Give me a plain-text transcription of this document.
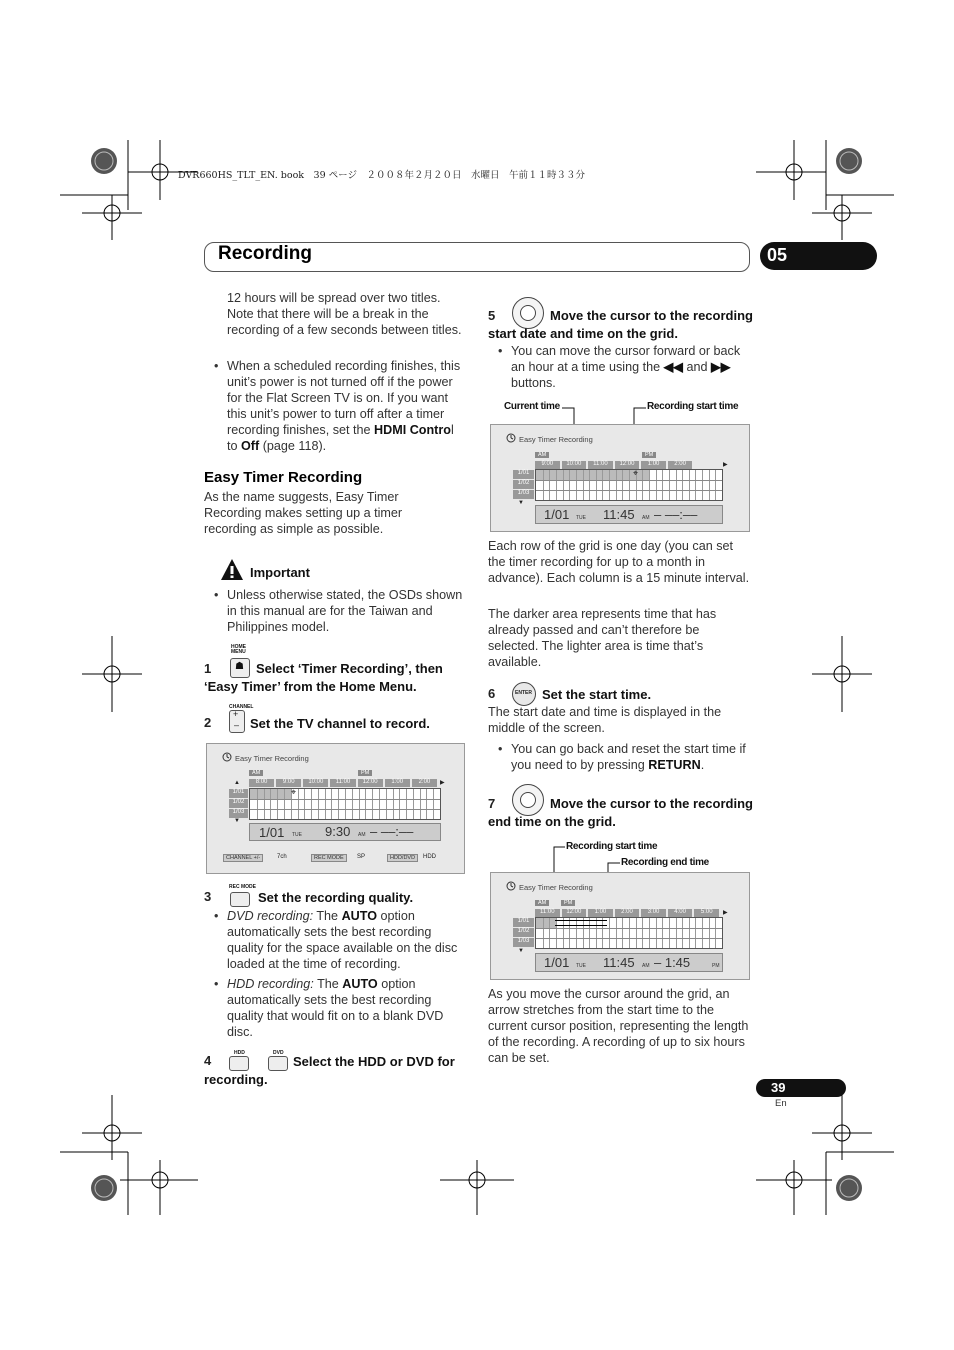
DVR660HS_TLT_EN. book　39 ページ　２００８年２月２０日　水曜日　午前１１時３３分
Recording	05
12 hours will be spread over two titles. Note that there will be a break in the recording of a few seconds between titles.
• When a scheduled recording finishes, this unit’s power is not turned off if the power for the Flat Screen TV is on. If you want this unit’s power to turn off after a timer recording finishes, set the HDMI Control to Off (page 118).
Easy Timer Recording
As the name suggests, Easy Timer Recording makes setting up a timer recording as simple as possible.
Important
• Unless otherwise stated, the OSDs shown in this manual are for the Taiwan and Philippines model.
1
HOME MENU
☗ Select ‘Timer Recording’, then ‘Easy Timer’ from the Home Menu.
2
CHANNEL
+
– Set the TV channel to record.
Easy Timer Recording
AM	PM
8:00	9:00	10:00	11:00	12:00	1:00	2:00
1/01
1/02
1/03
⌖
▲	▶
▼
1/01 TUE 9:30 AM – ––:––
CHANNEL +/-	7ch	REC MODE	SP	HDD/DVD	HDD
3
REC MODE
Set the recording quality.
• DVD recording: The AUTO option automatically sets the best recording quality for the space available on the disc loaded at the time of recording.
• HDD recording: The AUTO option automatically sets the best recording quality that would fit on to a blank DVD disc.
4	HDD	DVD
Select the HDD or DVD for recording.
5	Move the cursor to the recording start date and time on the grid.
• You can move the cursor forward or back an hour at a time using the ◀◀ and ▶▶ buttons.
Current time	Recording start time
Easy Timer Recording
AM	PM
9:00	10:00	11:00	12:00	1:00	2:00
1/01
1/02
1/03
⌖
▶
▼
1/01 TUE 11:45 AM – ––:––
Each row of the grid is one day (you can set the timer recording for up to a month in advance). Each column is a 15 minute interval.
The darker area represents time that has already passed and can’t therefore be selected. The lighter area is time that’s available.
6	ENTER Set the start time.
The start date and time is displayed in the middle of the screen.
• You can go back and reset the start time if you need to by pressing RETURN.
7	Move the cursor to the recording end time on the grid.
Recording start time
Recording end time
Easy Timer Recording
AM	PM
11:00	12:00	1:00	2:00	3:00	4:00	5:00
1/01
1/02
1/03
▶
▼
1/01 TUE 11:45 AM – 1:45	PM
As you move the cursor around the grid, an arrow stretches from the start time to the current cursor position, representing the length of the recording. A recording of up to six hours can be set.
39
En
